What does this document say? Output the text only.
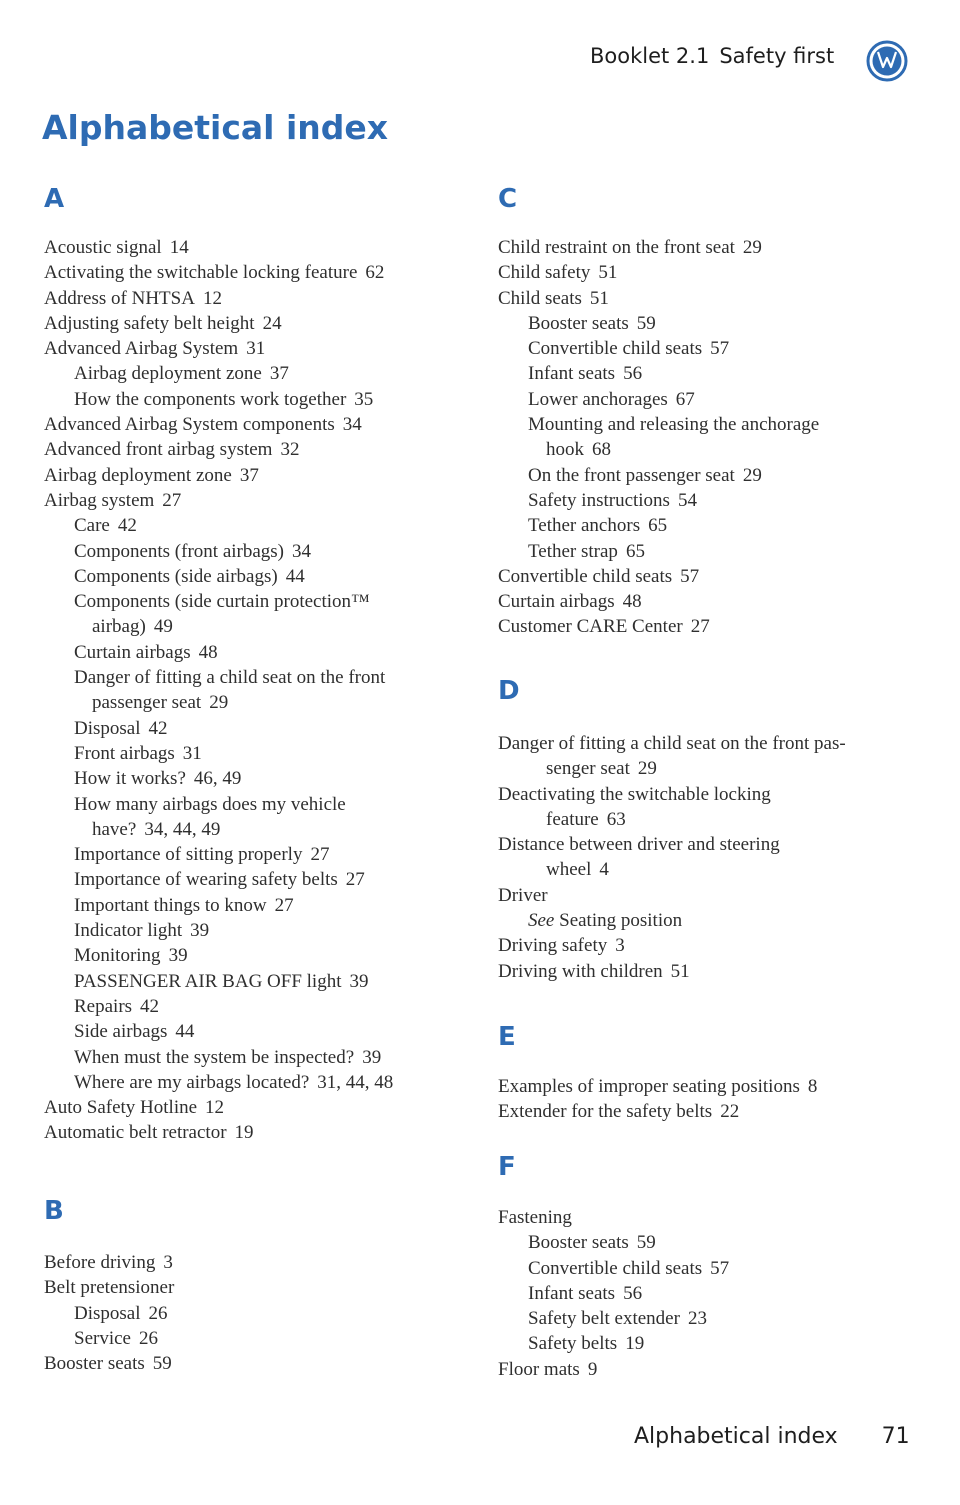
Booklet 2.1 Safety first
Alphabetical index
A
Acoustic signal 14
Activating the switchable locking feature 62
Address of NHTSA 12
Adjusting safety belt height 24
Advanced Airbag System 31
Airbag deployment zone 37
How the components work together 35
Advanced Airbag System components 34
Advanced front airbag system 32
Airbag deployment zone 37
Airbag system 27
Care 42
Components (front airbags) 34
Components (side airbags) 44
Components (side curtain protection™
airbag) 49
Curtain airbags 48
Danger of fitting a child seat on the front
passenger seat 29
Disposal 42
Front airbags 31
How it works? 46, 49
How many airbags does my vehicle
have? 34, 44, 49
Importance of sitting properly 27
Importance of wearing safety belts 27
Important things to know 27
Indicator light 39
Monitoring 39
PASSENGER AIR BAG OFF light 39
Repairs 42
Side airbags 44
When must the system be inspected? 39
Where are my airbags located? 31, 44, 48
Auto Safety Hotline 12
Automatic belt retractor 19
B
Before driving 3
Belt pretensioner
Disposal 26
Service 26
Booster seats 59
C
Child restraint on the front seat 29
Child safety 51
Child seats 51
Booster seats 59
Convertible child seats 57
Infant seats 56
Lower anchorages 67
Mounting and releasing the anchorage
hook 68
On the front passenger seat 29
Safety instructions 54
Tether anchors 65
Tether strap 65
Convertible child seats 57
Curtain airbags 48
Customer CARE Center 27
D
Danger of fitting a child seat on the front pas-
senger seat 29
Deactivating the switchable locking
feature 63
Distance between driver and steering
wheel 4
Driver
See Seating position
Driving safety 3
Driving with children 51
E
Examples of improper seating positions 8
Extender for the safety belts 22
F
Fastening
Booster seats 59
Convertible child seats 57
Infant seats 56
Safety belt extender 23
Safety belts 19
Floor mats 9
Alphabetical index 71
